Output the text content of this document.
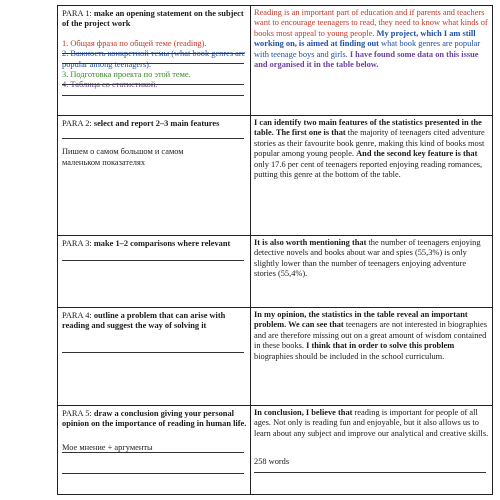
PARA 1: make an opening statement on the subject of the project work

1. Общая фраза по общей теме (reading).

2. Важность конкретной темы (what book genres are popular among teenagers).

3. Подготовка проекта по этой теме.

4. Таблица со статистикой.

Reading is an important part of education and if parents and teachers want to encourage teenagers to read, they need to know what kinds of books most appeal to young people. My project, which I am still working on, is aimed at finding out what book genres are popular with teenage boys and girls. I have found some data on this issue and organised it in the table below.

PARA 2: select and report 2–3 main features

Пишем о самом большом и самом маленьком показателях

I can identify two main features of the statistics presented in the table. The first one is that the majority of teenagers cited adventure stories as their favourite book genre, making this kind of books most popular among young people. And the second key feature is that only 17.6 per cent of teenagers reported enjoying reading romances, putting this genre at the bottom of the table.

PARA 3: make 1–2 comparisons where relevant	It is also worth mentioning that the number of teenagers enjoying detective novels and books about war and spies (55,3%) is only slightly lower than the number of teenagers enjoying adventure stories (55,4%).

PARA 4: outline a problem that can arise with reading and suggest the way of solving it

In my opinion, the statistics in the table reveal an important problem. We can see that teenagers are not interested in biographies and are therefore missing out on a great amount of wisdom contained in these books. I think that in order to solve this problem biographies should be included in the school curriculum.

PARA 5: draw a conclusion giving your personal opinion on the importance of reading in human life.

Мое мнение + аргументы

In conclusion, I believe that reading is important for people of all ages. Not only is reading fun and enjoyable, but it also allows us to learn about any subject and improve our analytical and creative skills.

258 words
